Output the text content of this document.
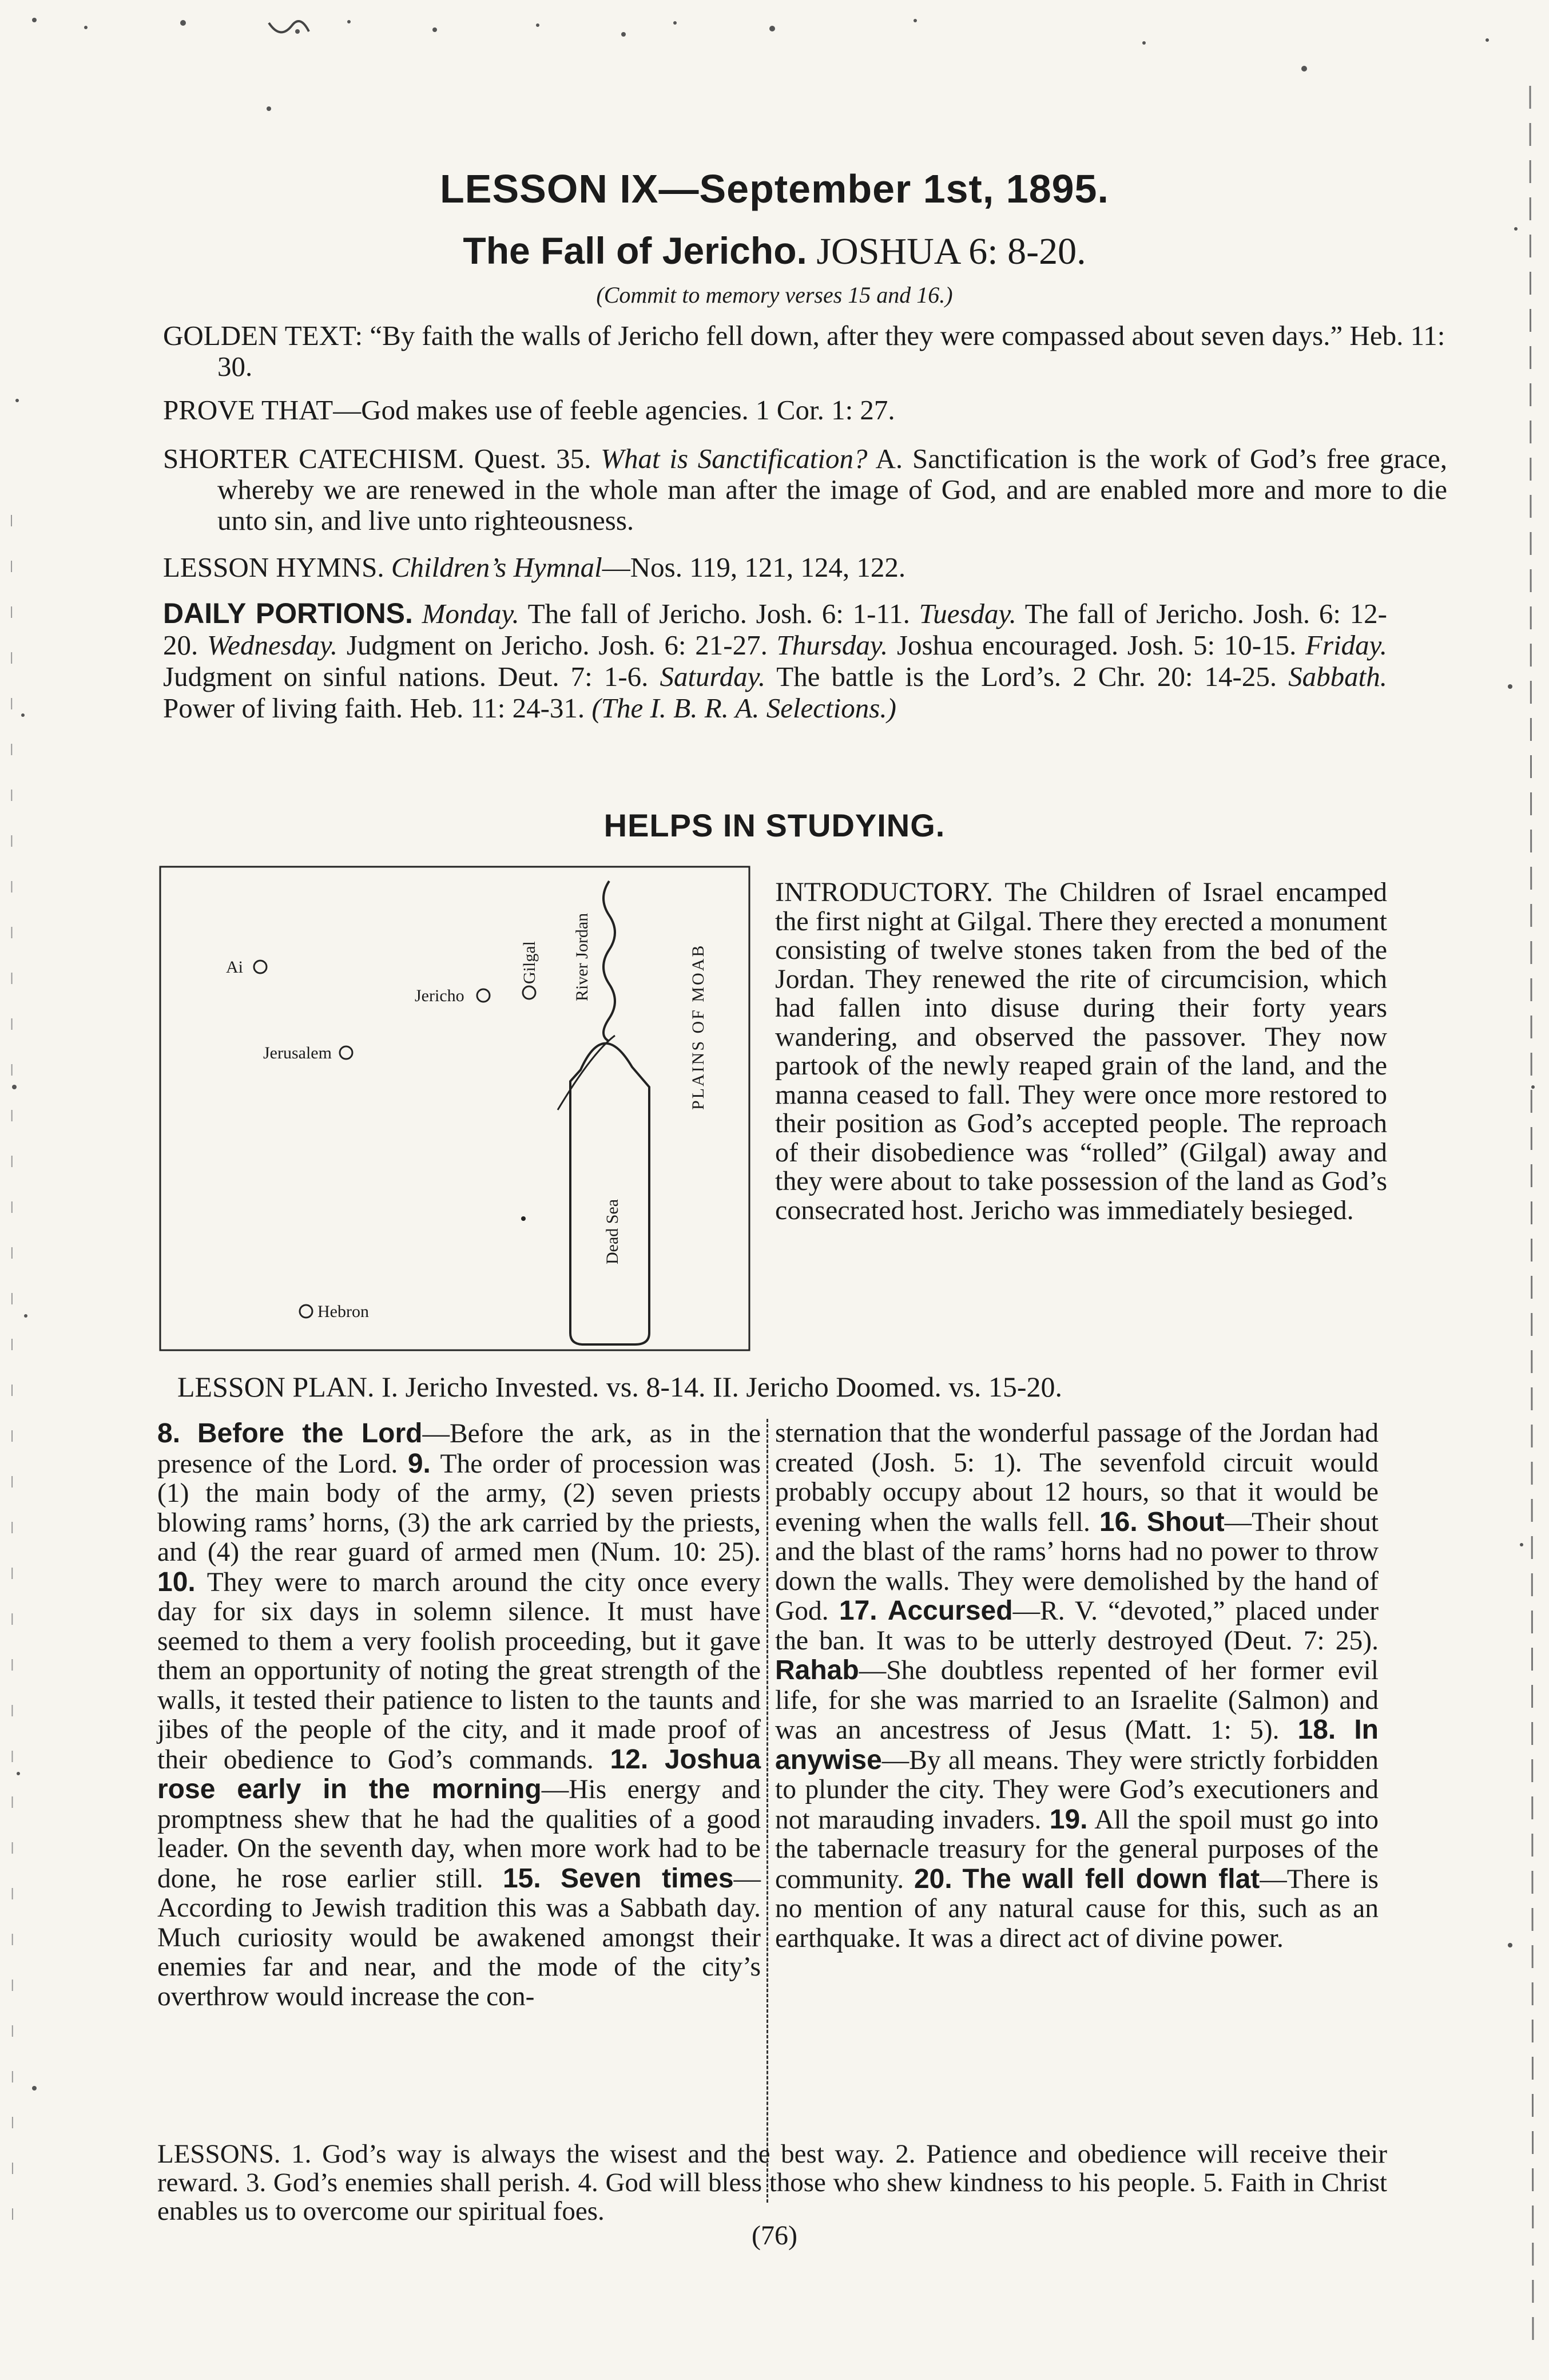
LESSON IX—September 1st, 1895.
The Fall of Jericho. JOSHUA 6: 8-20.
(Commit to memory verses 15 and 16.)
GOLDEN TEXT: “By faith the walls of Jericho fell down, after they were compassed about seven days.” Heb. 11: 30.
PROVE THAT—God makes use of feeble agencies. 1 Cor. 1: 27.
SHORTER CATECHISM. Quest. 35. What is Sanctification? A. Sanctification is the work of God’s free grace, whereby we are renewed in the whole man after the image of God, and are enabled more and more to die unto sin, and live unto righteousness.
LESSON HYMNS. Children’s Hymnal—Nos. 119, 121, 124, 122.
DAILY PORTIONS. Monday. The fall of Jericho. Josh. 6: 1-11. Tuesday. The fall of Jericho. Josh. 6: 12-20. Wednesday. Judgment on Jericho. Josh. 6: 21-27. Thursday. Joshua encouraged. Josh. 5: 10-15. Friday. Judgment on sinful nations. Deut. 7: 1-6. Saturday. The battle is the Lord’s. 2 Chr. 20: 14-25. Sabbath. Power of living faith. Heb. 11: 24-31. (The I. B. R. A. Selections.)
HELPS IN STUDYING.
Ai
Jericho
Jerusalem
Hebron
Gilgal River Jordan	PLAINS OF MOAB
Dead Sea
INTRODUCTORY. The Children of Israel encamped the first night at Gilgal. There they erected a monument consisting of twelve stones taken from the bed of the Jordan. They renewed the rite of circumcision, which had fallen into disuse during their forty years wandering, and observed the passover. They now partook of the newly reaped grain of the land, and the manna ceased to fall. They were once more restored to their position as God’s accepted people. The reproach of their disobedience was “rolled” (Gilgal) away and they were about to take possession of the land as God’s consecrated host. Jericho was immediately besieged.
LESSON PLAN. I. Jericho Invested. vs. 8-14. II. Jericho Doomed. vs. 15-20.
8. Before the Lord—Before the ark, as in the presence of the Lord. 9. The order of procession was (1) the main body of the army, (2) seven priests blowing rams’ horns, (3) the ark carried by the priests, and (4) the rear guard of armed men (Num. 10: 25). 10. They were to march around the city once every day for six days in solemn silence. It must have seemed to them a very foolish proceeding, but it gave them an opportunity of noting the great strength of the walls, it tested their patience to listen to the taunts and jibes of the people of the city, and it made proof of their obedience to God’s commands. 12. Joshua rose early in the morning—His energy and promptness shew that he had the qualities of a good leader. On the seventh day, when more work had to be done, he rose earlier still. 15. Seven times—According to Jewish tradition this was a Sabbath day. Much curiosity would be awakened amongst their enemies far and near, and the mode of the city’s overthrow would increase the con-
sternation that the wonderful passage of the Jordan had created (Josh. 5: 1). The sevenfold circuit would probably occupy about 12 hours, so that it would be evening when the walls fell. 16. Shout—Their shout and the blast of the rams’ horns had no power to throw down the walls. They were demolished by the hand of God. 17. Accursed—R. V. “devoted,” placed under the ban. It was to be utterly destroyed (Deut. 7: 25). Rahab—She doubtless repented of her former evil life, for she was married to an Israelite (Salmon) and was an ancestress of Jesus (Matt. 1: 5). 18. In anywise—By all means. They were strictly forbidden to plunder the city. They were God’s executioners and not marauding invaders. 19. All the spoil must go into the tabernacle treasury for the general purposes of the community. 20. The wall fell down flat—There is no mention of any natural cause for this, such as an earthquake. It was a direct act of divine power.
LESSONS. 1. God’s way is always the wisest and the best way. 2. Patience and obedience will receive their reward. 3. God’s enemies shall perish. 4. God will bless those who shew kindness to his people. 5. Faith in Christ enables us to overcome our spiritual foes.
(76)
